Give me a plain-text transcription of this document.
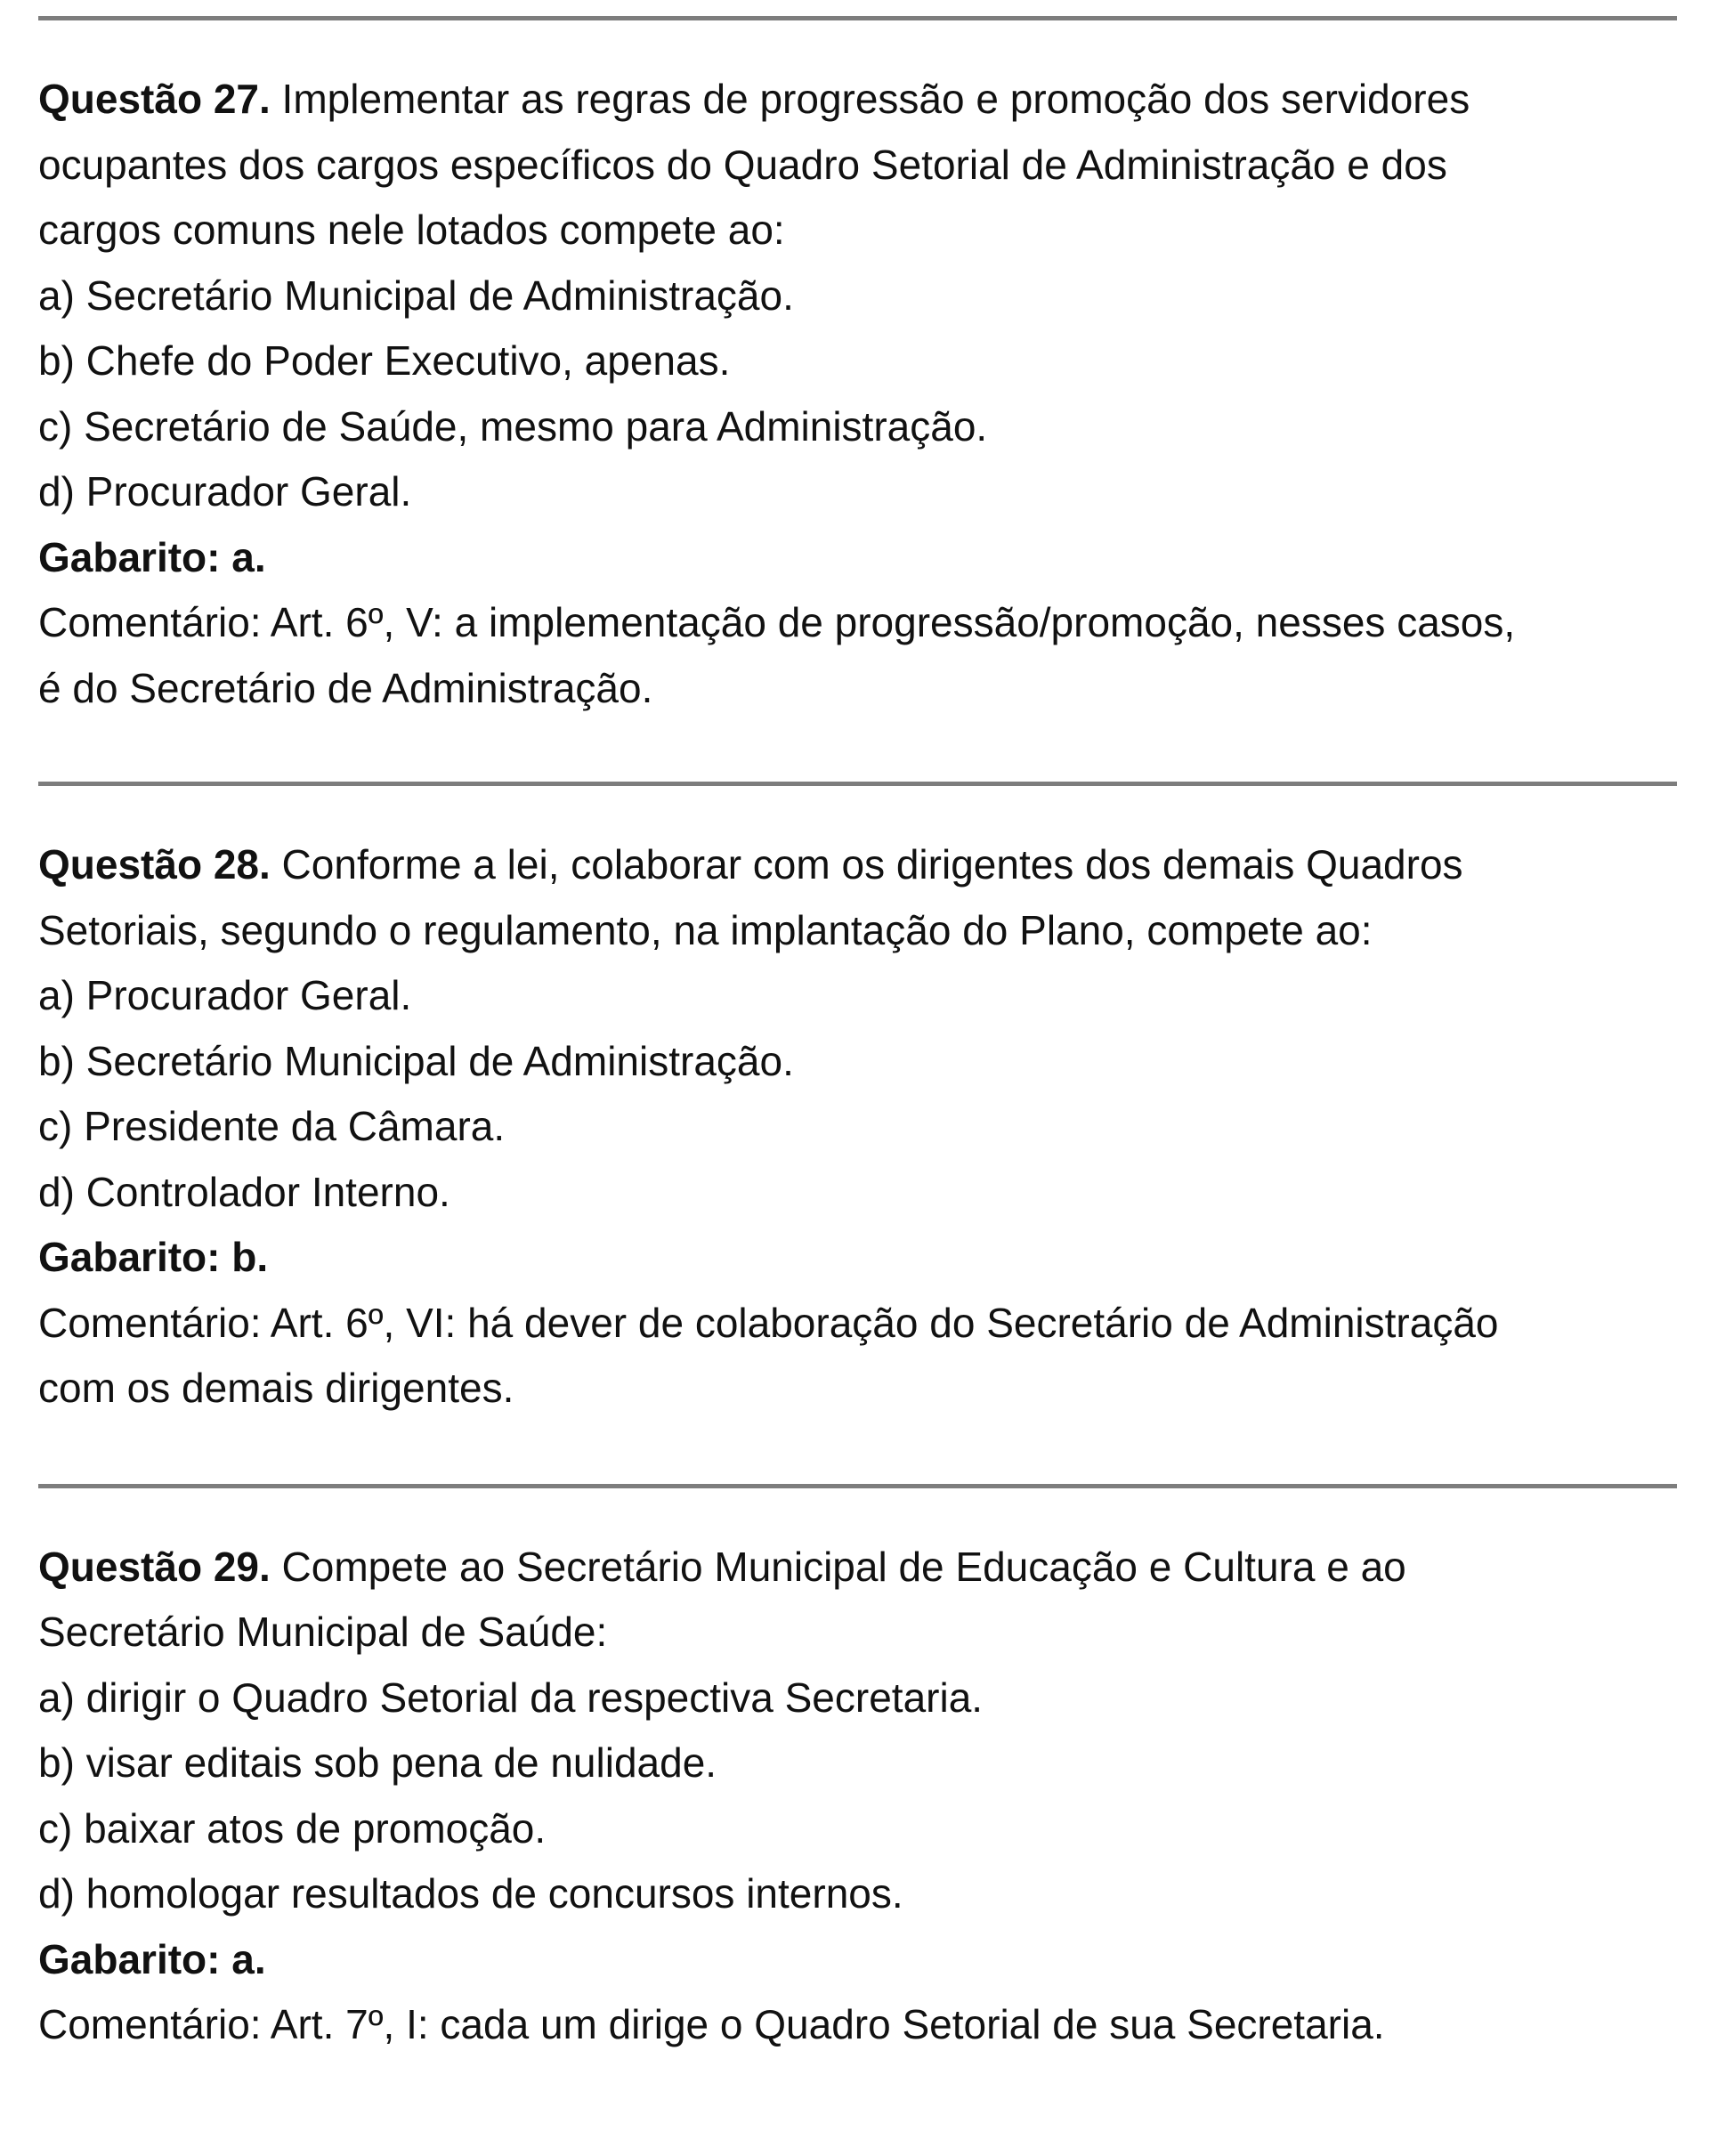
Questão 27. Implementar as regras de progressão e promoção dos servidores

ocupantes dos cargos específicos do Quadro Setorial de Administração e dos

cargos comuns nele lotados compete ao:

a) Secretário Municipal de Administração.

b) Chefe do Poder Executivo, apenas.

c) Secretário de Saúde, mesmo para Administração.

d) Procurador Geral.

Gabarito: a.

Comentário: Art. 6º, V: a implementação de progressão/promoção, nesses casos,

é do Secretário de Administração.

Questão 28. Conforme a lei, colaborar com os dirigentes dos demais Quadros

Setoriais, segundo o regulamento, na implantação do Plano, compete ao:

a) Procurador Geral.

b) Secretário Municipal de Administração.

c) Presidente da Câmara.

d) Controlador Interno.

Gabarito: b.

Comentário: Art. 6º, VI: há dever de colaboração do Secretário de Administração

com os demais dirigentes.

Questão 29. Compete ao Secretário Municipal de Educação e Cultura e ao

Secretário Municipal de Saúde:

a) dirigir o Quadro Setorial da respectiva Secretaria.

b) visar editais sob pena de nulidade.

c) baixar atos de promoção.

d) homologar resultados de concursos internos.

Gabarito: a.

Comentário: Art. 7º, I: cada um dirige o Quadro Setorial de sua Secretaria.
